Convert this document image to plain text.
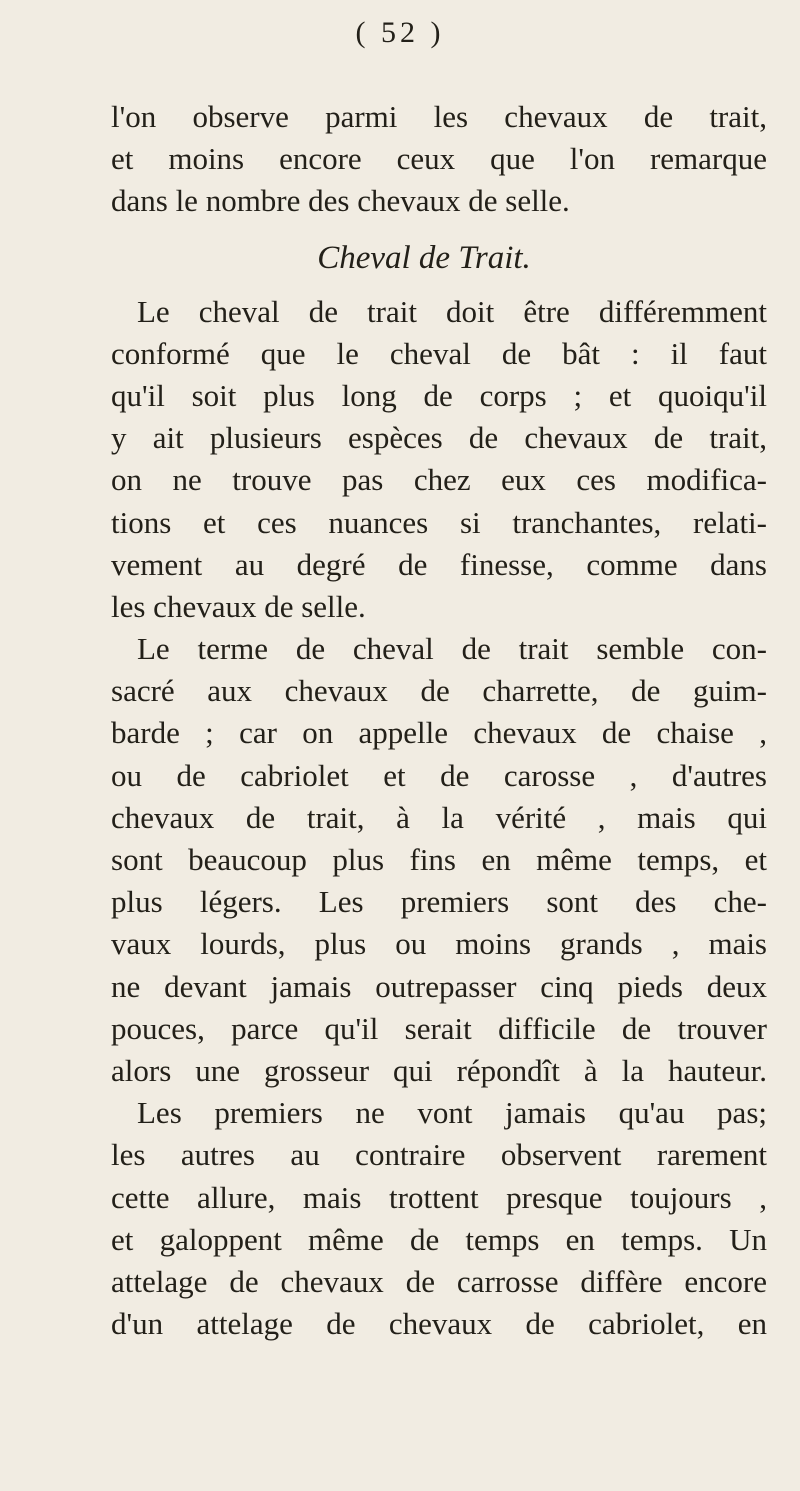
( 52 )
l'on observe parmi les chevaux de trait,
et moins encore ceux que l'on remarque
dans le nombre des chevaux de selle.
Cheval de Trait.
Le cheval de trait doit être différemment
conformé que le cheval de bât : il faut
qu'il soit plus long de corps ; et quoiqu'il
y ait plusieurs espèces de chevaux de trait,
on ne trouve pas chez eux ces modifica-
tions et ces nuances si tranchantes, relati-
vement au degré de finesse, comme dans
les chevaux de selle.
Le terme de cheval de trait semble con-
sacré aux chevaux de charrette, de guim-
barde ; car on appelle chevaux de chaise ,
ou de cabriolet et de carosse , d'autres
chevaux de trait, à la vérité , mais qui
sont beaucoup plus fins en même temps, et
plus légers. Les premiers sont des che-
vaux lourds, plus ou moins grands , mais
ne devant jamais outrepasser cinq pieds deux
pouces, parce qu'il serait difficile de trouver
alors une grosseur qui répondît à la hauteur.
Les premiers ne vont jamais qu'au pas;
les autres au contraire observent rarement
cette allure, mais trottent presque toujours ,
et galoppent même de temps en temps. Un
attelage de chevaux de carrosse diffère encore
d'un attelage de chevaux de cabriolet, en
